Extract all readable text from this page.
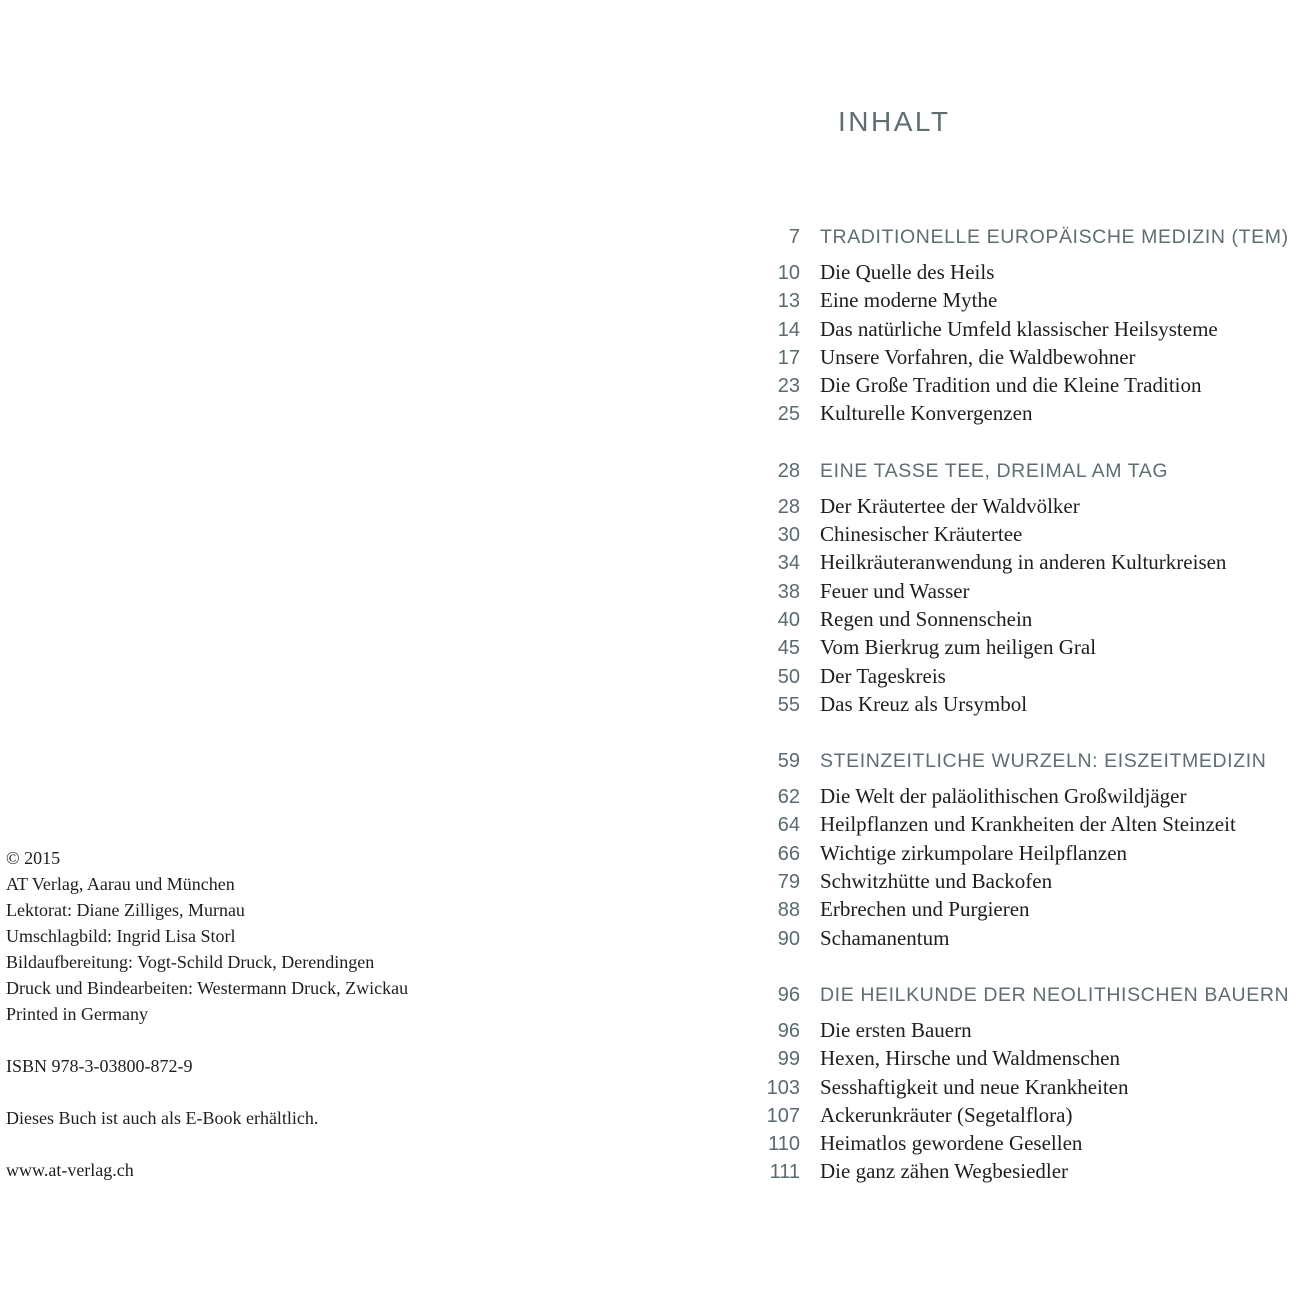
© 2015
AT Verlag, Aarau und München
Lektorat: Diane Zilliges, Murnau
Umschlagbild: Ingrid Lisa Storl
Bildaufbereitung: Vogt-Schild Druck, Derendingen
Druck und Bindearbeiten: Westermann Druck, Zwickau
Printed in Germany
ISBN 978-3-03800-872-9
Dieses Buch ist auch als E-Book erhältlich.
www.at-verlag.ch
INHALT
7	TRADITIONELLE EUROPÄISCHE MEDIZIN (TEM)
10 Die Quelle des Heils
13 Eine moderne Mythe
14 Das natürliche Umfeld klassischer Heilsysteme
17 Unsere Vorfahren, die Waldbewohner
23 Die Große Tradition und die Kleine Tradition
25 Kulturelle Konvergenzen
28	EINE TASSE TEE, DREIMAL AM TAG
28 Der Kräutertee der Waldvölker
30 Chinesischer Kräutertee
34 Heilkräuteranwendung in anderen Kulturkreisen
38 Feuer und Wasser
40 Regen und Sonnenschein
45 Vom Bierkrug zum heiligen Gral
50 Der Tageskreis
55 Das Kreuz als Ursymbol
59	STEINZEITLICHE WURZELN: EISZEITMEDIZIN
62 Die Welt der paläolithischen Großwildjäger
64 Heilpflanzen und Krankheiten der Alten Steinzeit
66 Wichtige zirkumpolare Heilpflanzen
79 Schwitzhütte und Backofen
88 Erbrechen und Purgieren
90 Schamanentum
96	DIE HEILKUNDE DER NEOLITHISCHEN BAUERN
96 Die ersten Bauern
99 Hexen, Hirsche und Waldmenschen
103 Sesshaftigkeit und neue Krankheiten
107 Ackerunkräuter (Segetalflora)
110 Heimatlos gewordene Gesellen
111 Die ganz zähen Wegbesiedler
